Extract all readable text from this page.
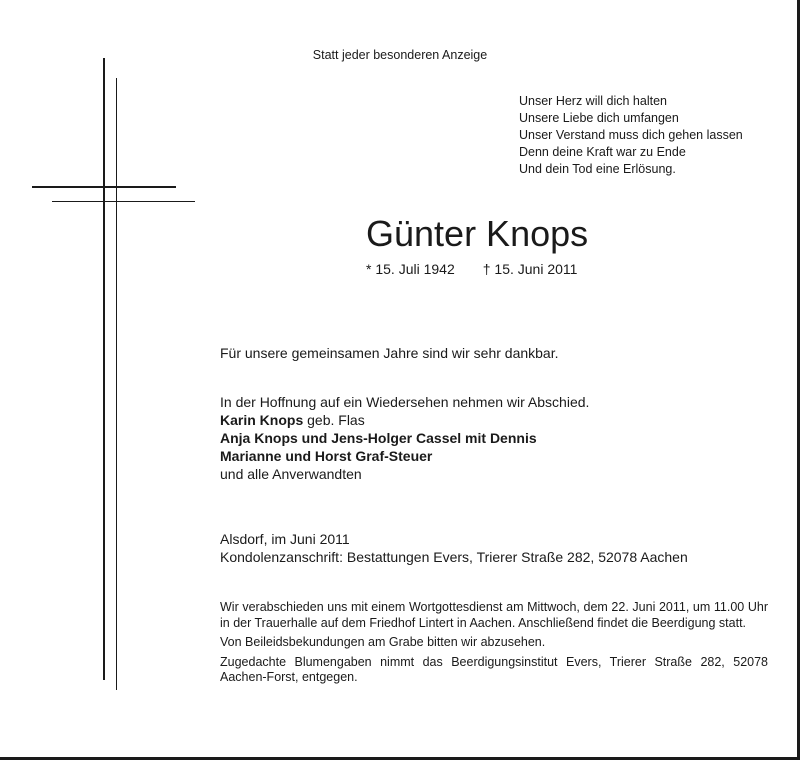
Statt jeder besonderen Anzeige
Unser Herz will dich halten
Unsere Liebe dich umfangen
Unser Verstand muss dich gehen lassen
Denn deine Kraft war zu Ende
Und dein Tod eine Erlösung.
Günter Knops
* 15. Juli 1942 † 15. Juni 2011
Für unsere gemeinsamen Jahre sind wir sehr dankbar.
In der Hoffnung auf ein Wiedersehen nehmen wir Abschied.
Karin Knops geb. Flas
Anja Knops und Jens-Holger Cassel mit Dennis
Marianne und Horst Graf-Steuer
und alle Anverwandten
Alsdorf, im Juni 2011
Kondolenzanschrift: Bestattungen Evers, Trierer Straße 282, 52078 Aachen

Wir verabschieden uns mit einem Wortgottesdienst am Mittwoch, dem 22. Juni 2011, um 11.00 Uhr in der Trauerhalle auf dem Friedhof Lintert in Aachen. Anschließend findet die Beerdigung statt.

Von Beileidsbekundungen am Grabe bitten wir abzusehen.

Zugedachte Blumengaben nimmt das Beerdigungsinstitut Evers, Trierer Straße 282, 52078 Aachen-Forst, entgegen.
